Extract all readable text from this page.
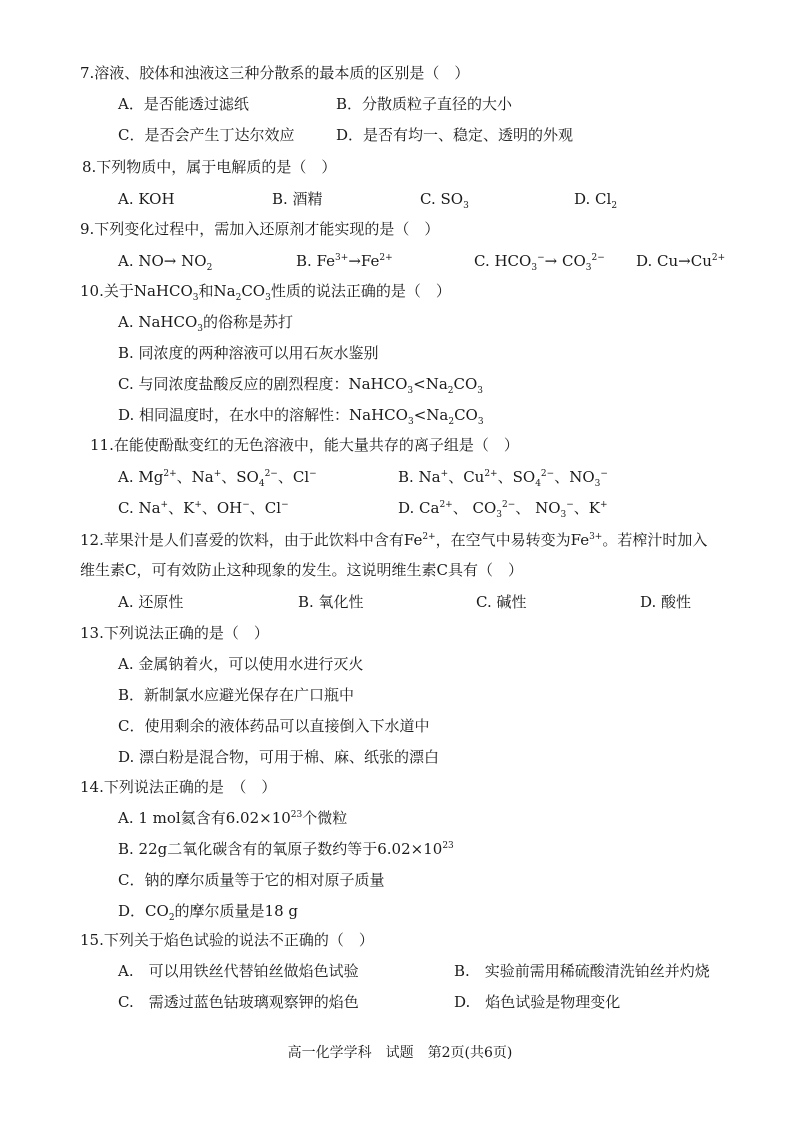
7.溶液、胶体和浊液这三种分散系的最本质的区别是（　）
A．是否能透过滤纸	B．分散质粒子直径的大小
C．是否会产生丁达尔效应	D．是否有均一、稳定、透明的外观
8.下列物质中，属于电解质的是（　）
A. KOH	B. 酒精	C. $SO_3$	D. $Cl_2$
9.下列变化过程中，需加入还原剂才能实现的是（　）
A. $NO\to NO_2$	B. $Fe^{3+}\to Fe^{2+}$	C. $HCO_3^-\to CO_3^{2-}$ D. $Cu\to Cu^{2+}$
10.关于NaHCO$_3$和$Na_2CO_3$性质的说法正确的是（　）
A. NaHCO$_3$的俗称是苏打
B. 同浓度的两种溶液可以用石灰水鉴别
C. 与同浓度盐酸反应的剧烈程度：$NaHCO_3<Na_2CO_3$
D. 相同温度时，在水中的溶解性：$NaHCO_3<Na_2CO_3$
11.在能使酚酞变红的无色溶液中，能大量共存的离子组是（　）
A. $Mg^{2+}$、Na+、$SO_4^{2-}$、Cl−	B. Na+、$Cu^{2+}$、$SO_4^{2-}$、$NO_3^-$
C. Na+、K+、OH−、Cl−	D. $Ca^{2+}$、 $CO_3^{2-}$、 $NO_3^-$、K+
12.苹果汁是人们喜爱的饮料，由于此饮料中含有$Fe^{2+}$，在空气中易转变为$Fe^{3+}$。若榨汁时加入
维生素C，可有效防止这种现象的发生。这说明维生素C具有（　）
A. 还原性	B. 氧化性	C. 碱性	D. 酸性
13.下列说法正确的是（　）
A. 金属钠着火，可以使用水进行灭火
B．新制氯水应避光保存在广口瓶中
C．使用剩余的液体药品可以直接倒入下水道中
D. 漂白粉是混合物，可用于棉、麻、纸张的漂白
14.下列说法正确的是　（　）
A. 1 mol氦含有$6.02\times 10^{23}$个微粒
B. 22g二氧化碳含有的氧原子数约等于$6.02\times 10^{23}$
C．钠的摩尔质量等于它的相对原子质量
D．$CO_2$的摩尔质量是18 g
15.下列关于焰色试验的说法不正确的（　）
A.　可以用铁丝代替铂丝做焰色试验	B.　实验前需用稀硫酸清洗铂丝并灼烧
C.　需透过蓝色钴玻璃观察钾的焰色	D.　焰色试验是物理变化
高一化学学科　试题　第2页(共6页)
